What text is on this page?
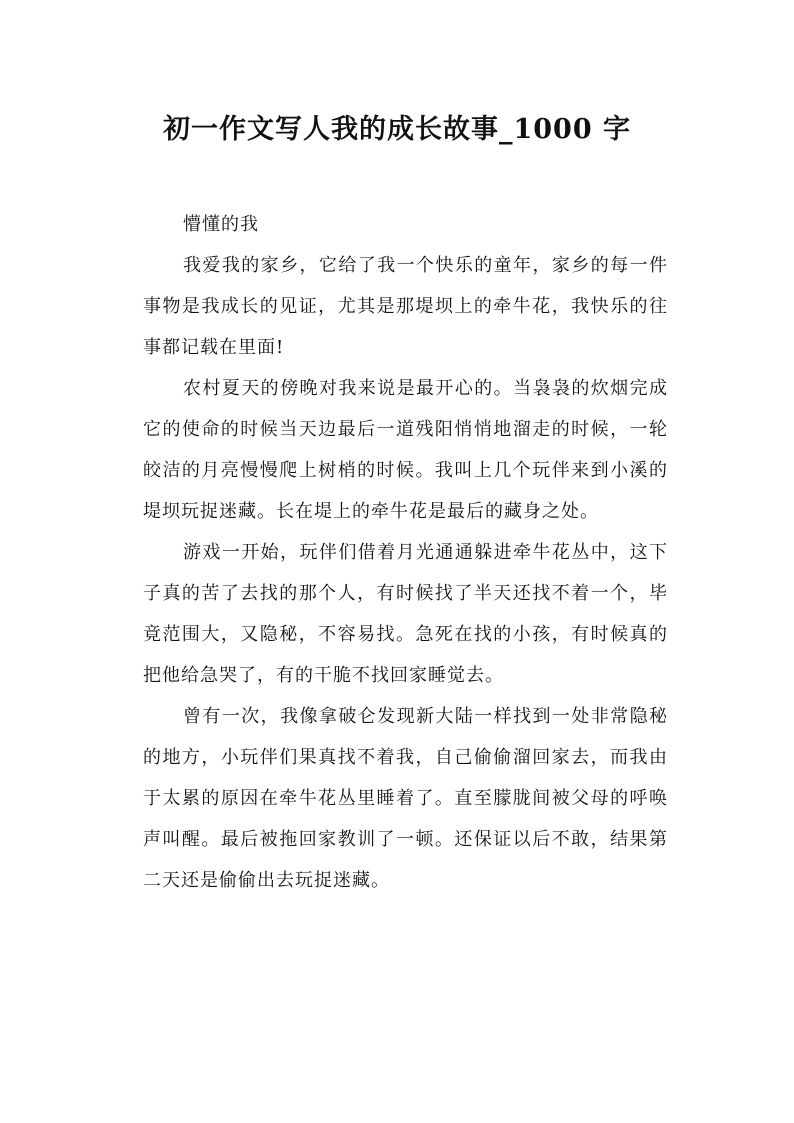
初一作文写人我的成长故事_1000 字

懵懂的我

我爱我的家乡，它给了我一个快乐的童年，家乡的每一件事物是我成长的见证，尤其是那堤坝上的牵牛花，我快乐的往事都记载在里面!

农村夏天的傍晚对我来说是最开心的。当袅袅的炊烟完成它的使命的时候当天边最后一道残阳悄悄地溜走的时候，一轮皎洁的月亮慢慢爬上树梢的时候。我叫上几个玩伴来到小溪的堤坝玩捉迷藏。长在堤上的牵牛花是最后的藏身之处。

游戏一开始，玩伴们借着月光通通躲进牵牛花丛中，这下子真的苦了去找的那个人，有时候找了半天还找不着一个，毕竟范围大，又隐秘，不容易找。急死在找的小孩，有时候真的把他给急哭了，有的干脆不找回家睡觉去。

曾有一次，我像拿破仑发现新大陆一样找到一处非常隐秘的地方，小玩伴们果真找不着我，自己偷偷溜回家去，而我由于太累的原因在牵牛花丛里睡着了。直至朦胧间被父母的呼唤声叫醒。最后被拖回家教训了一顿。还保证以后不敢，结果第二天还是偷偷出去玩捉迷藏。
